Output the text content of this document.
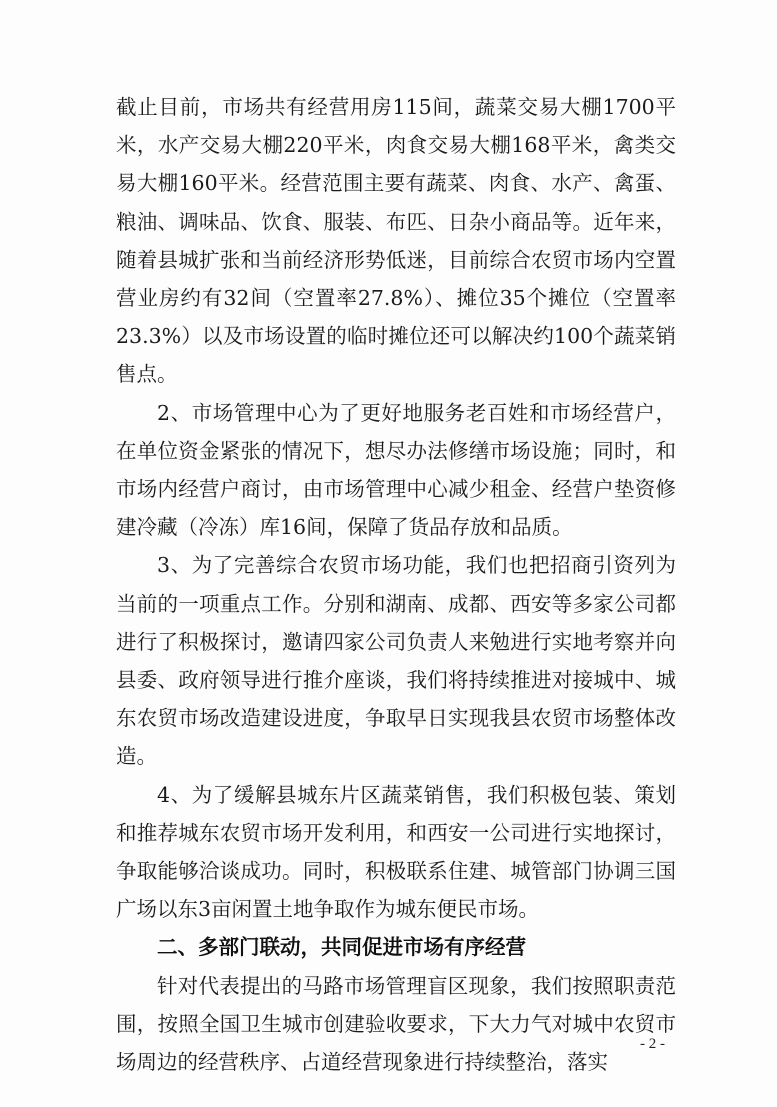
截止目前，市场共有经营用房115间，蔬菜交易大棚1700平米，水产交易大棚220平米，肉食交易大棚168平米，禽类交易大棚160平米。经营范围主要有蔬菜、肉食、水产、禽蛋、粮油、调味品、饮食、服装、布匹、日杂小商品等。近年来，随着县城扩张和当前经济形势低迷，目前综合农贸市场内空置营业房约有32间（空置率27.8%）、摊位35个摊位（空置率23.3%）以及市场设置的临时摊位还可以解决约100个蔬菜销售点。

2、市场管理中心为了更好地服务老百姓和市场经营户，在单位资金紧张的情况下，想尽办法修缮市场设施；同时，和市场内经营户商讨，由市场管理中心减少租金、经营户垫资修建冷藏（冷冻）库16间，保障了货品存放和品质。

3、为了完善综合农贸市场功能，我们也把招商引资列为当前的一项重点工作。分别和湖南、成都、西安等多家公司都进行了积极探讨，邀请四家公司负责人来勉进行实地考察并向县委、政府领导进行推介座谈，我们将持续推进对接城中、城东农贸市场改造建设进度，争取早日实现我县农贸市场整体改造。

4、为了缓解县城东片区蔬菜销售，我们积极包装、策划和推荐城东农贸市场开发利用，和西安一公司进行实地探讨，争取能够洽谈成功。同时，积极联系住建、城管部门协调三国广场以东3亩闲置土地争取作为城东便民市场。

二、多部门联动，共同促进市场有序经营

针对代表提出的马路市场管理盲区现象，我们按照职责范围，按照全国卫生城市创建验收要求，下大力气对城中农贸市场周边的经营秩序、占道经营现象进行持续整治，落实

- 2 -
